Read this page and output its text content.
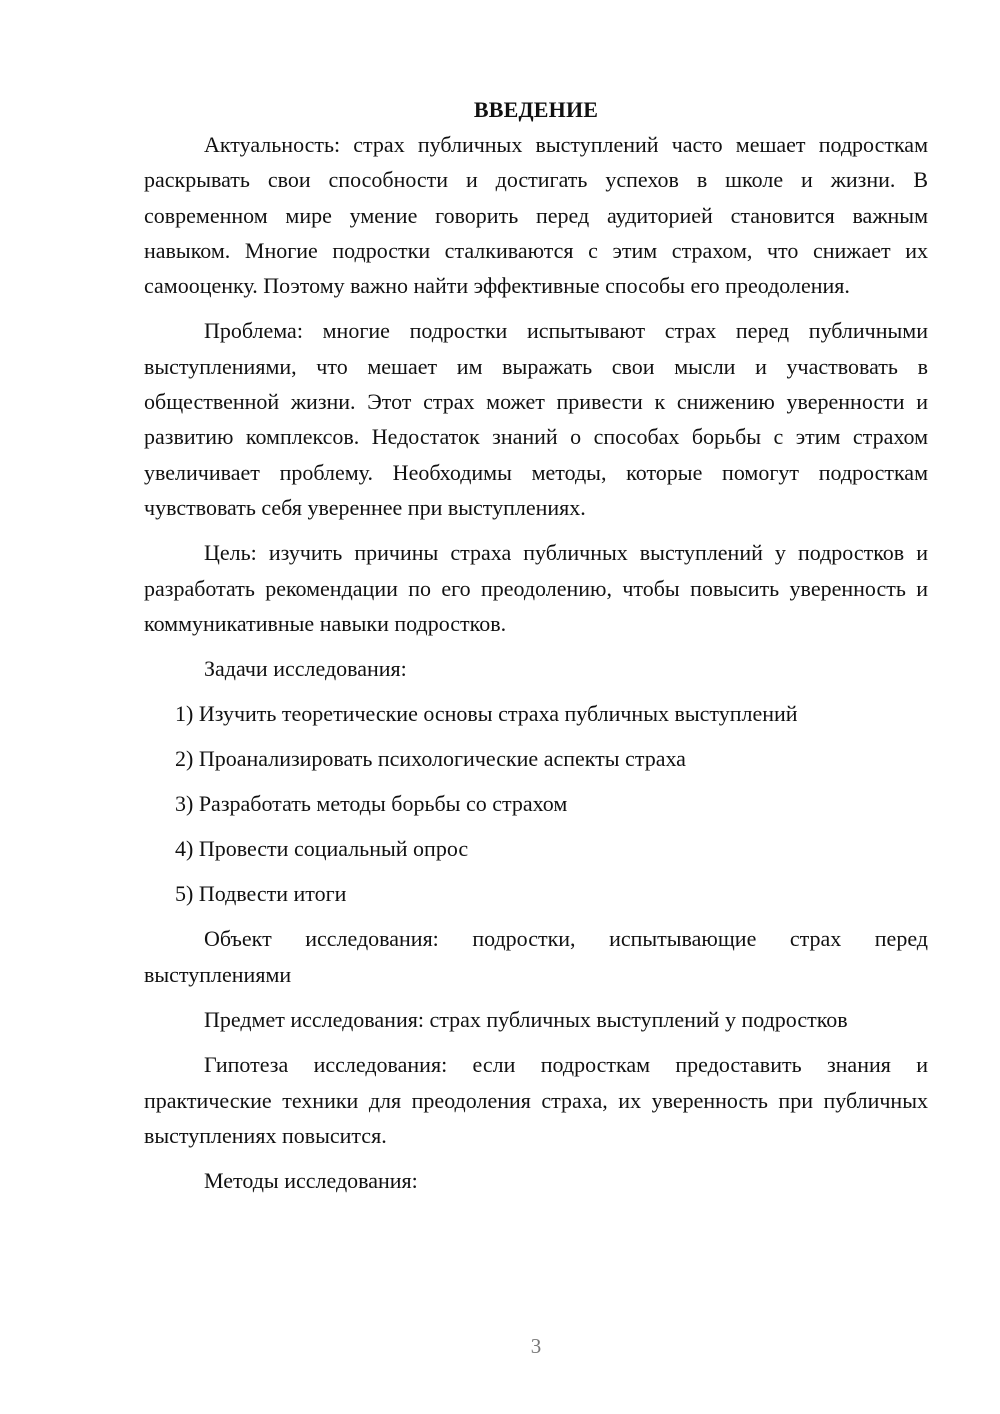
ВВЕДЕНИЕ

Актуальность: страх публичных выступлений часто мешает подросткам раскрывать свои способности и достигать успехов в школе и жизни. В современном мире умение говорить перед аудиторией становится важным навыком. Многие подростки сталкиваются с этим страхом, что снижает их самооценку. Поэтому важно найти эффективные способы его преодоления.

Проблема: многие подростки испытывают страх перед публичными выступлениями, что мешает им выражать свои мысли и участвовать в общественной жизни. Этот страх может привести к снижению уверенности и развитию комплексов. Недостаток знаний о способах борьбы с этим страхом увеличивает проблему. Необходимы методы, которые помогут подросткам чувствовать себя увереннее при выступлениях.

Цель: изучить причины страха публичных выступлений у подростков и разработать рекомендации по его преодолению, чтобы повысить уверенность и коммуникативные навыки подростков.

Задачи исследования:

1) Изучить теоретические основы страха публичных выступлений
2) Проанализировать психологические аспекты страха
3) Разработать методы борьбы со страхом
4) Провести социальный опрос
5) Подвести итоги

Объект исследования: подростки, испытывающие страх перед выступлениями

Предмет исследования: страх публичных выступлений у подростков

Гипотеза исследования: если подросткам предоставить знания и практические техники для преодоления страха, их уверенность при публичных выступлениях повысится.

Методы исследования:

3
